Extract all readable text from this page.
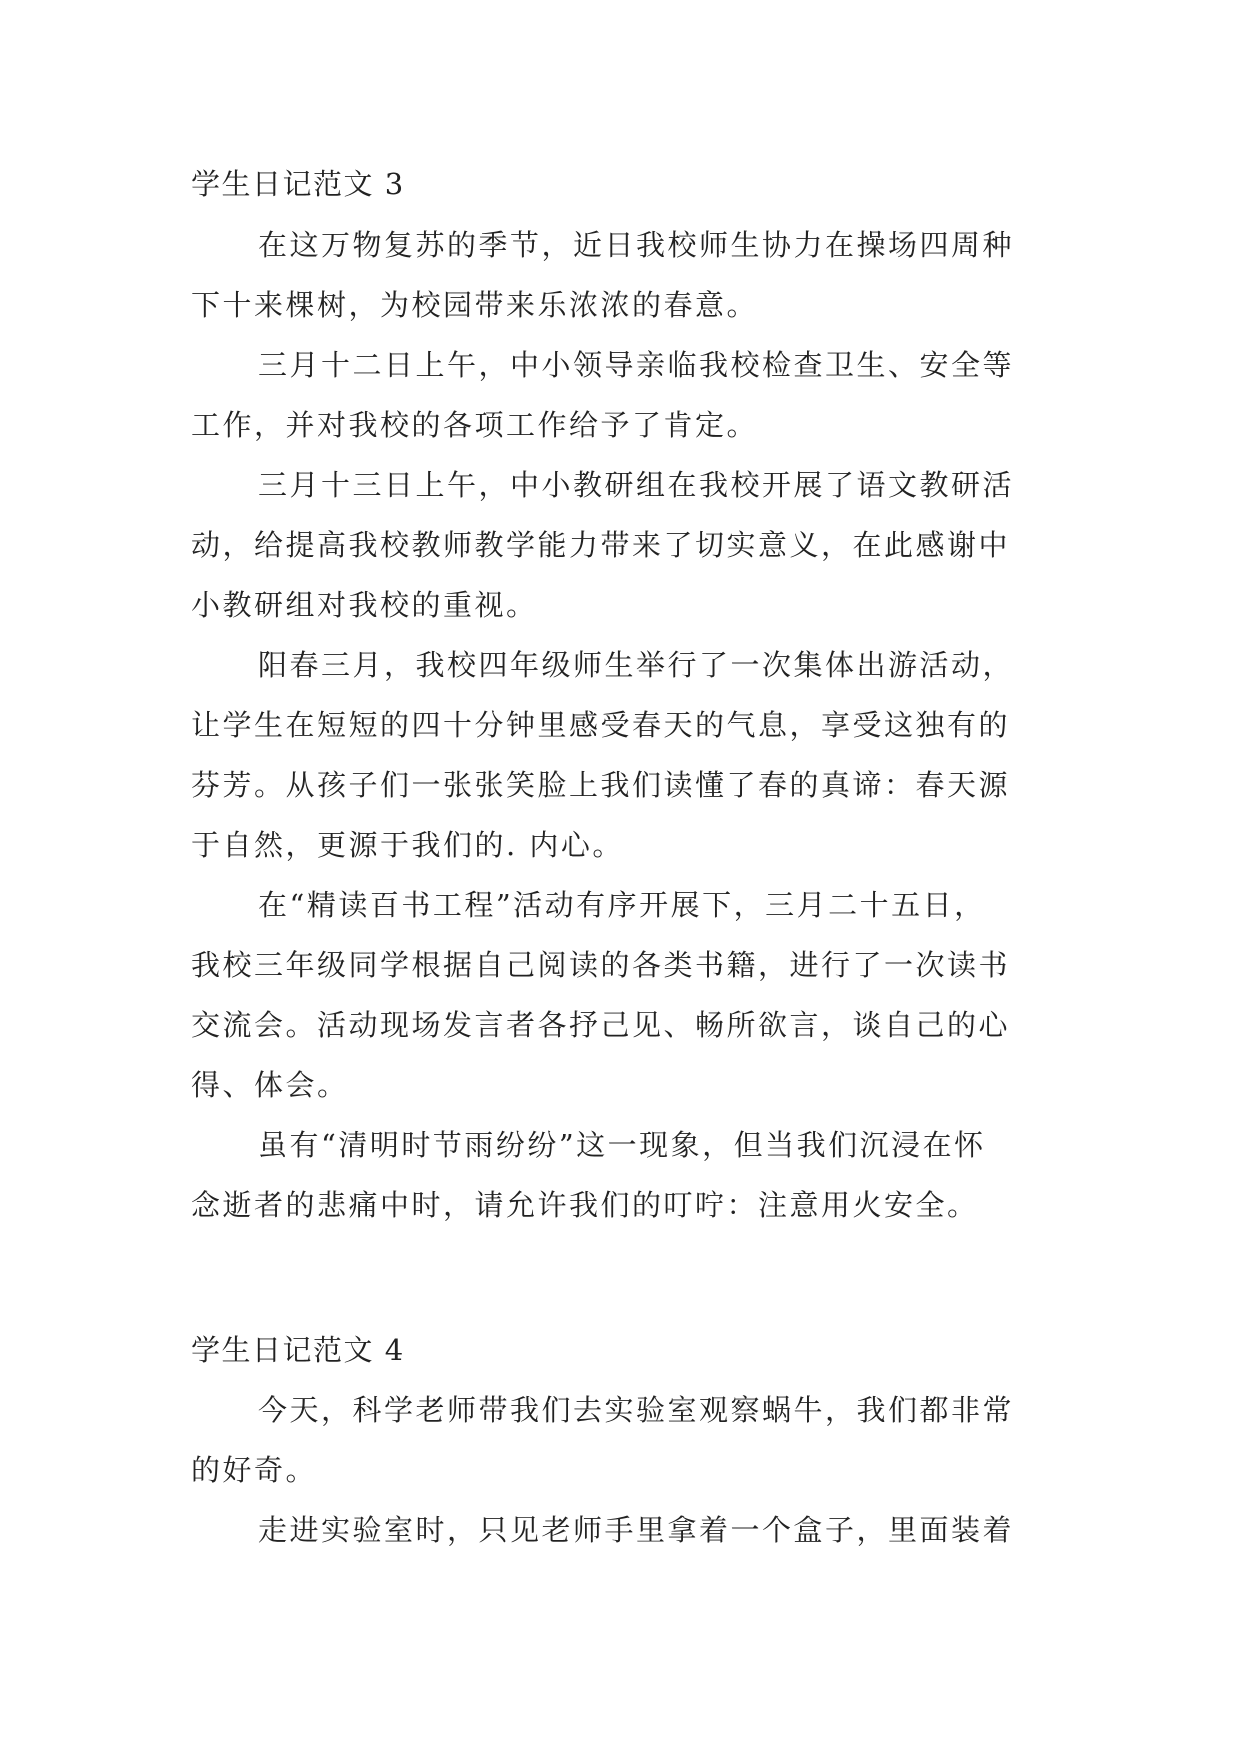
学生日记范文 3
在这万物复苏的季节，近日我校师生协力在操场四周种
下十来棵树，为校园带来乐浓浓的春意。
三月十二日上午，中小领导亲临我校检查卫生、安全等
工作，并对我校的各项工作给予了肯定。
三月十三日上午，中小教研组在我校开展了语文教研活
动，给提高我校教师教学能力带来了切实意义，在此感谢中
小教研组对我校的重视。
阳春三月，我校四年级师生举行了一次集体出游活动，
让学生在短短的四十分钟里感受春天的气息，享受这独有的
芬芳。从孩子们一张张笑脸上我们读懂了春的真谛：春天源
于自然，更源于我们的. 内心。
在“精读百书工程”活动有序开展下，三月二十五日，
我校三年级同学根据自己阅读的各类书籍，进行了一次读书
交流会。活动现场发言者各抒己见、畅所欲言，谈自己的心
得、体会。
虽有“清明时节雨纷纷”这一现象，但当我们沉浸在怀
念逝者的悲痛中时，请允许我们的叮咛：注意用火安全。
学生日记范文 4
今天，科学老师带我们去实验室观察蜗牛，我们都非常
的好奇。
走进实验室时，只见老师手里拿着一个盒子，里面装着
